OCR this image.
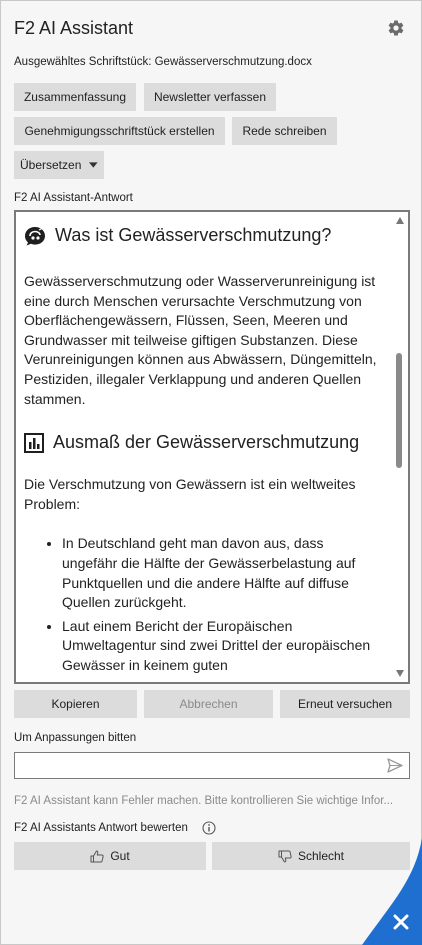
F2 AI Assistant
Ausgewähltes Schriftstück: Gewässerverschmutzung.docx
Zusammenfassung	Newsletter verfassen
Genehmigungsschriftstück erstellen	Rede schreiben
Übersetzen
F2 AI Assistant-Antwort
Was ist Gewässerverschmutzung?

Gewässerverschmutzung oder Wasserverunreinigung ist eine durch Menschen verursachte Verschmutzung von Oberflächengewässern, Flüssen, Seen, Meeren und Grundwasser mit teilweise giftigen Substanzen. Diese Verunreinigungen können aus Abwässern, Düngemitteln, Pestiziden, illegaler Verklappung und anderen Quellen stammen.

Ausmaß der Gewässerverschmutzung

Die Verschmutzung von Gewässern ist ein weltweites Problem:

• In Deutschland geht man davon aus, dass ungefähr die Hälfte der Gewässerbelastung auf Punktquellen und die andere Hälfte auf diffuse Quellen zurückgeht.
• Laut einem Bericht der Europäischen Umweltagentur sind zwei Drittel der europäischen Gewässer in keinem guten
Kopieren	Abbrechen	Erneut versuchen
Um Anpassungen bitten
F2 AI Assistant kann Fehler machen. Bitte kontrollieren Sie wichtige Infor...
F2 AI Assistants Antwort bewerten
Gut	Schlecht
